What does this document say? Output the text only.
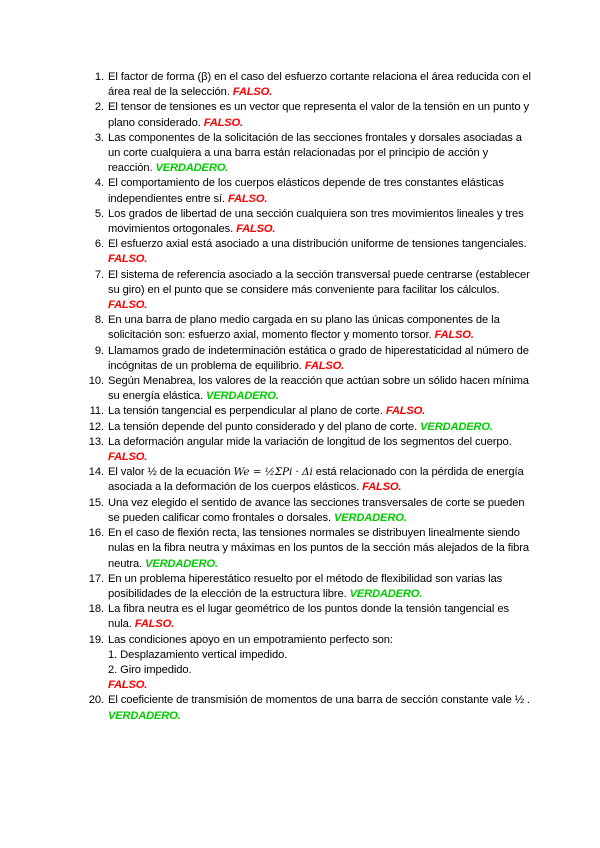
1. El factor de forma (β) en el caso del esfuerzo cortante relaciona el área reducida con el área real de la selección. FALSO.
2. El tensor de tensiones es un vector que representa el valor de la tensión en un punto y plano considerado. FALSO.
3. Las componentes de la solicitación de las secciones frontales y dorsales asociadas a un corte cualquiera a una barra están relacionadas por el principio de acción y reacción. VERDADERO.
4. El comportamiento de los cuerpos elásticos depende de tres constantes elásticas independientes entre sí. FALSO.
5. Los grados de libertad de una sección cualquiera son tres movimientos lineales y tres movimientos ortogonales. FALSO.
6. El esfuerzo axial está asociado a una distribución uniforme de tensiones tangenciales. FALSO.
7. El sistema de referencia asociado a la sección transversal puede centrarse (establecer su giro) en el punto que se considere más conveniente para facilitar los cálculos. FALSO.
8. En una barra de plano medio cargada en su plano las únicas componentes de la solicitación son: esfuerzo axial, momento flector y momento torsor. FALSO.
9. Llamamos grado de indeterminación estática o grado de hiperestaticidad al número de incógnitas de un problema de equilibrio. FALSO.
10. Según Menabrea, los valores de la reacción que actúan sobre un sólido hacen mínima su energía elástica. VERDADERO.
11. La tensión tangencial es perpendicular al plano de corte. FALSO.
12. La tensión depende del punto considerado y del plano de corte. VERDADERO.
13. La deformación angular mide la variación de longitud de los segmentos del cuerpo. FALSO.
14. El valor ½ de la ecuación We = ½ΣPi · Δi está relacionado con la pérdida de energía asociada a la deformación de los cuerpos elásticos. FALSO.
15. Una vez elegido el sentido de avance las secciones transversales de corte se pueden se pueden calificar como frontales o dorsales. VERDADERO.
16. En el caso de flexión recta, las tensiones normales se distribuyen linealmente siendo nulas en la fibra neutra y máximas en los puntos de la sección más alejados de la fibra neutra. VERDADERO.
17. En un problema hiperestático resuelto por el método de flexibilidad son varias las posibilidades de la elección de la estructura libre. VERDADERO.
18. La fibra neutra es el lugar geométrico de los puntos donde la tensión tangencial es nula. FALSO.
19. Las condiciones apoyo en un empotramiento perfecto son:
1. Desplazamiento vertical impedido.
2. Giro impedido.
FALSO.
20. El coeficiente de transmisión de momentos de una barra de sección constante vale ½ . VERDADERO.
